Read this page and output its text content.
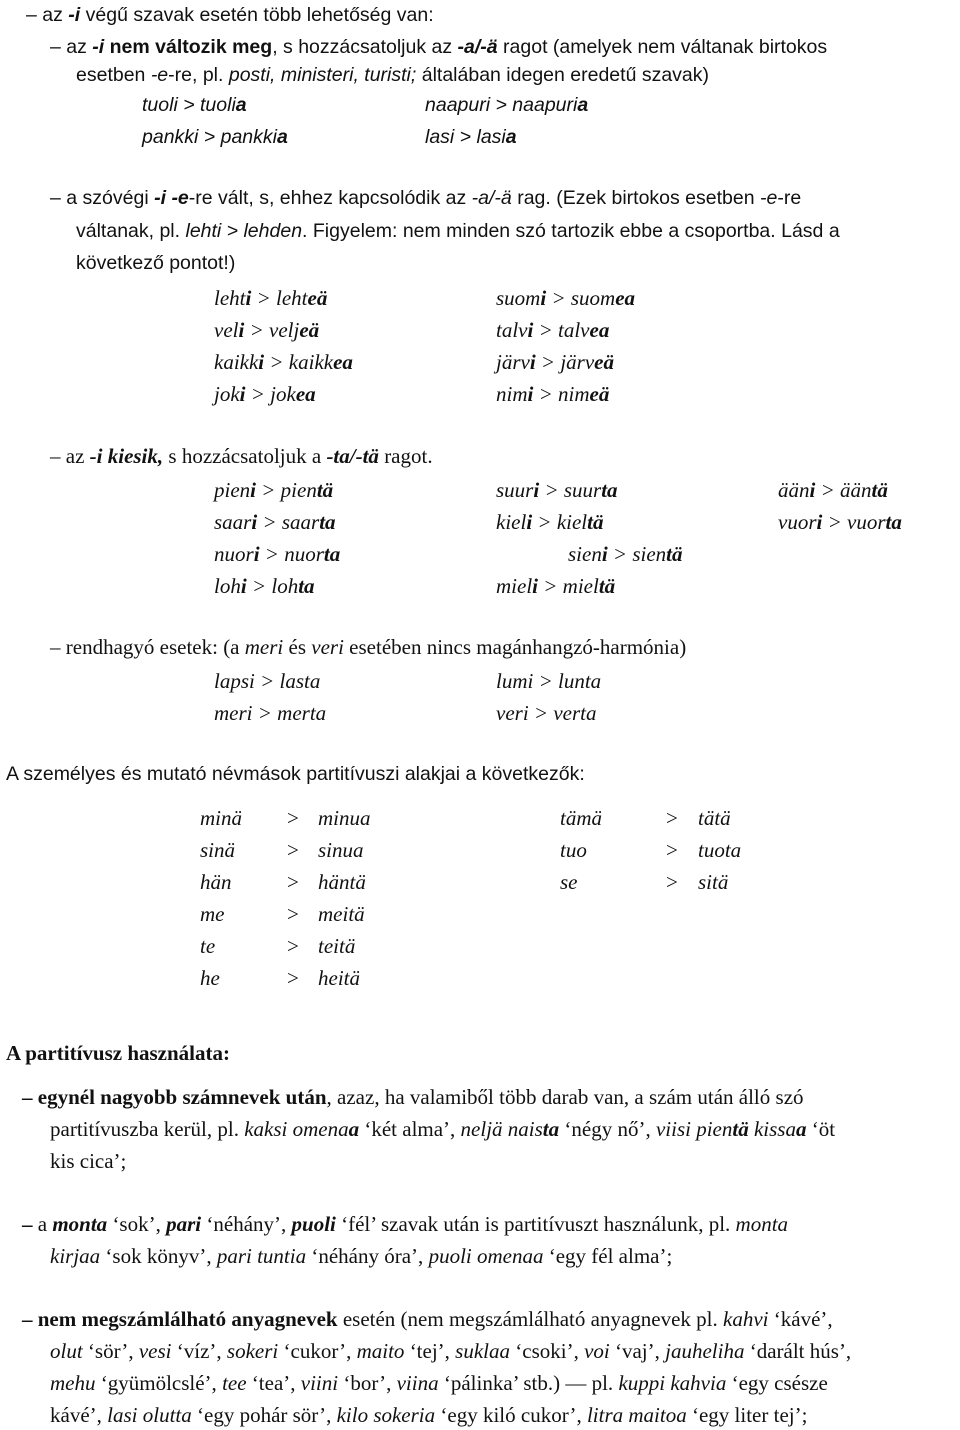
– az -i végű szavak esetén több lehetőség van:
– az -i nem változik meg, s hozzácsatoljuk az -a/-ä ragot (amelyek nem váltanak birtokos
esetben -e-re, pl. posti, ministeri, turisti; általában idegen eredetű szavak)
tuoli > tuolia	naapuri > naapuria
pankki > pankkia	lasi > lasia
– a szóvégi -i -e-re vált, s, ehhez kapcsolódik az -a/-ä rag. (Ezek birtokos esetben -e-re
váltanak, pl. lehti > lehden. Figyelem: nem minden szó tartozik ebbe a csoportba. Lásd a
következő pontot!)
lehti > lehteä	suomi > suomea
veli > veljeä	talvi > talvea
kaikki > kaikkea	järvi > järveä
joki > jokea	nimi > nimeä
– az -i kiesik, s hozzácsatoljuk a -ta/-tä ragot.
pieni > pientä	suuri > suurta	ääni > ääntä
saari > saarta	kieli > kieltä	vuori > vuorta
nuori > nuorta	sieni > sientä
lohi > lohta	mieli > mieltä
– rendhagyó esetek: (a meri és veri esetében nincs magánhangzó-harmónia)
lapsi > lasta	lumi > lunta
meri > merta	veri > verta
A személyes és mutató névmások partitívuszi alakjai a következők:
minä > minua	tämä	> tätä
sinä > sinua	tuo	> tuota
hän	> häntä	se	> sitä
me	> meitä
te	> teitä
he	> heitä
A partitívusz használata:
– egynél nagyobb számnevek után, azaz, ha valamiből több darab van, a szám után álló szó
partitívuszba kerül, pl. kaksi omenaa ‘két alma’, neljä naista ‘négy nő’, viisi pientä kissaa ‘öt
kis cica’;
– a monta ‘sok’, pari ‘néhány’, puoli ‘fél’ szavak után is partitívuszt használunk, pl. monta
kirjaa ‘sok könyv’, pari tuntia ‘néhány óra’, puoli omenaa ‘egy fél alma’;
– nem megszámlálható anyagnevek esetén (nem megszámlálható anyagnevek pl. kahvi ‘kávé’,
olut ‘sör’, vesi ‘víz’, sokeri ‘cukor’, maito ‘tej’, suklaa ‘csoki’, voi ‘vaj’, jauheliha ‘darált hús’,
mehu ‘gyümölcslé’, tee ‘tea’, viini ‘bor’, viina ‘pálinka’ stb.) — pl. kuppi kahvia ‘egy csésze
kávé’, lasi olutta ‘egy pohár sör’, kilo sokeria ‘egy kiló cukor’, litra maitoa ‘egy liter tej’;
